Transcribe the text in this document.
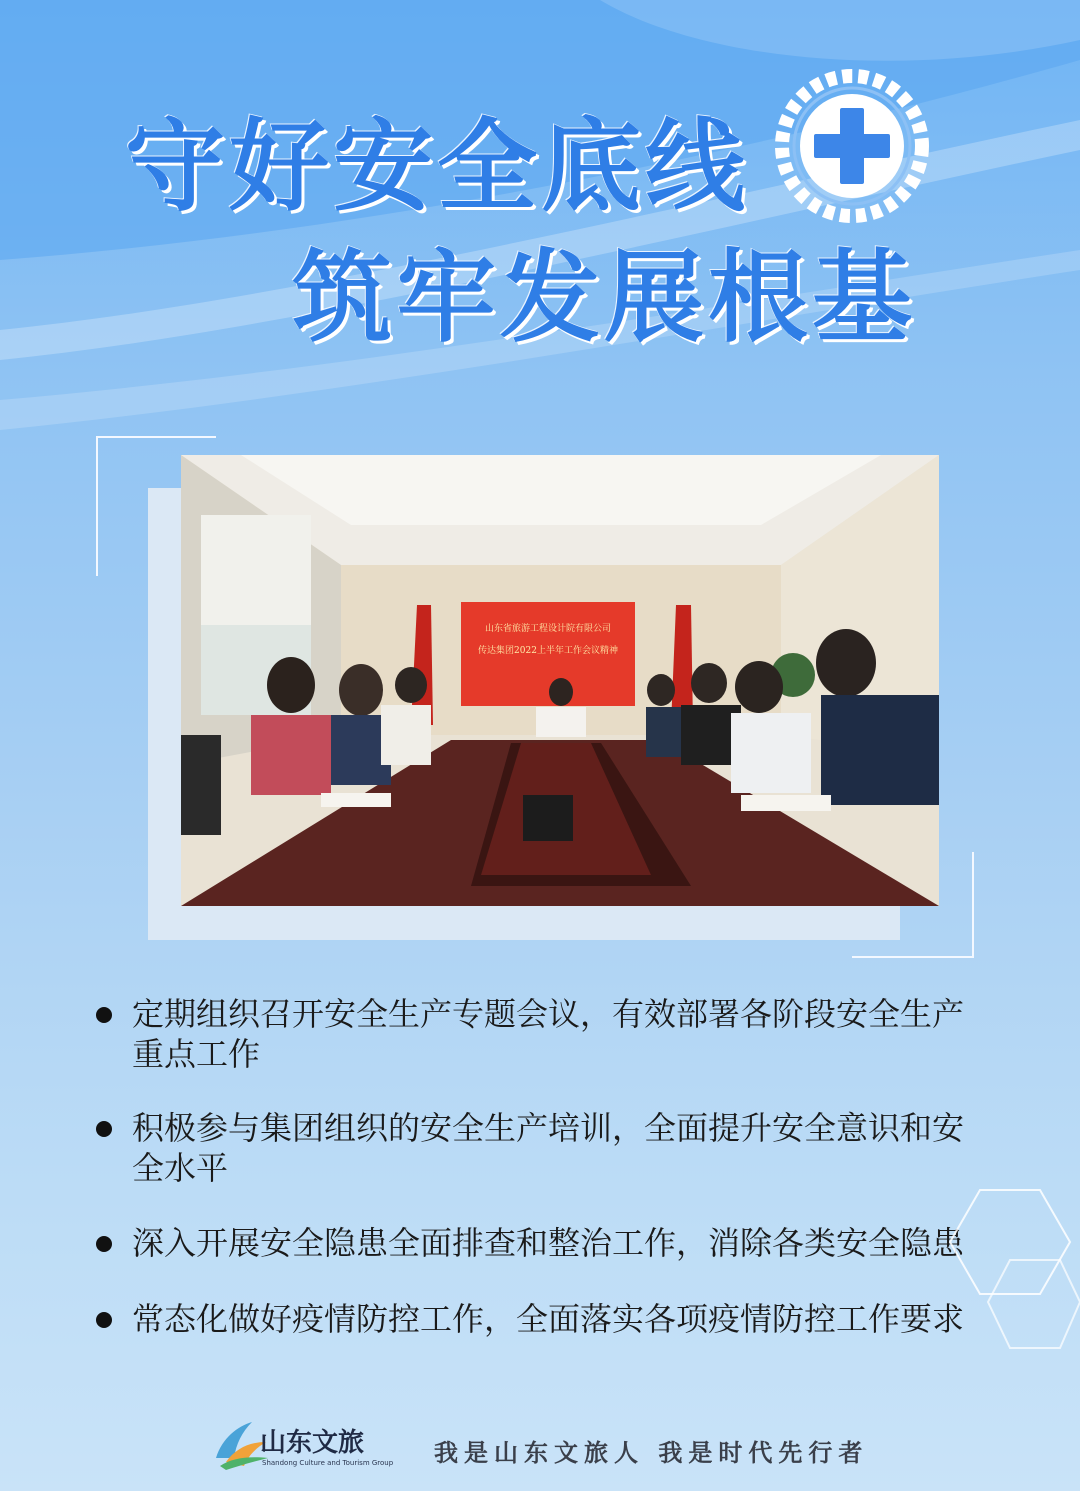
守好安全底线
筑牢发展根基
山东省旅游工程设计院有限公司
传达集团2022上半年工作会议精神
定期组织召开安全生产专题会议，有效部署各阶段安全生产重点工作
积极参与集团组织的安全生产培训，全面提升安全意识和安全水平
深入开展安全隐患全面排查和整治工作，消除各类安全隐患
常态化做好疫情防控工作，全面落实各项疫情防控工作要求
山东文旅
Shandong Culture and Tourism Group 我是山东文旅人 我是时代先行者
